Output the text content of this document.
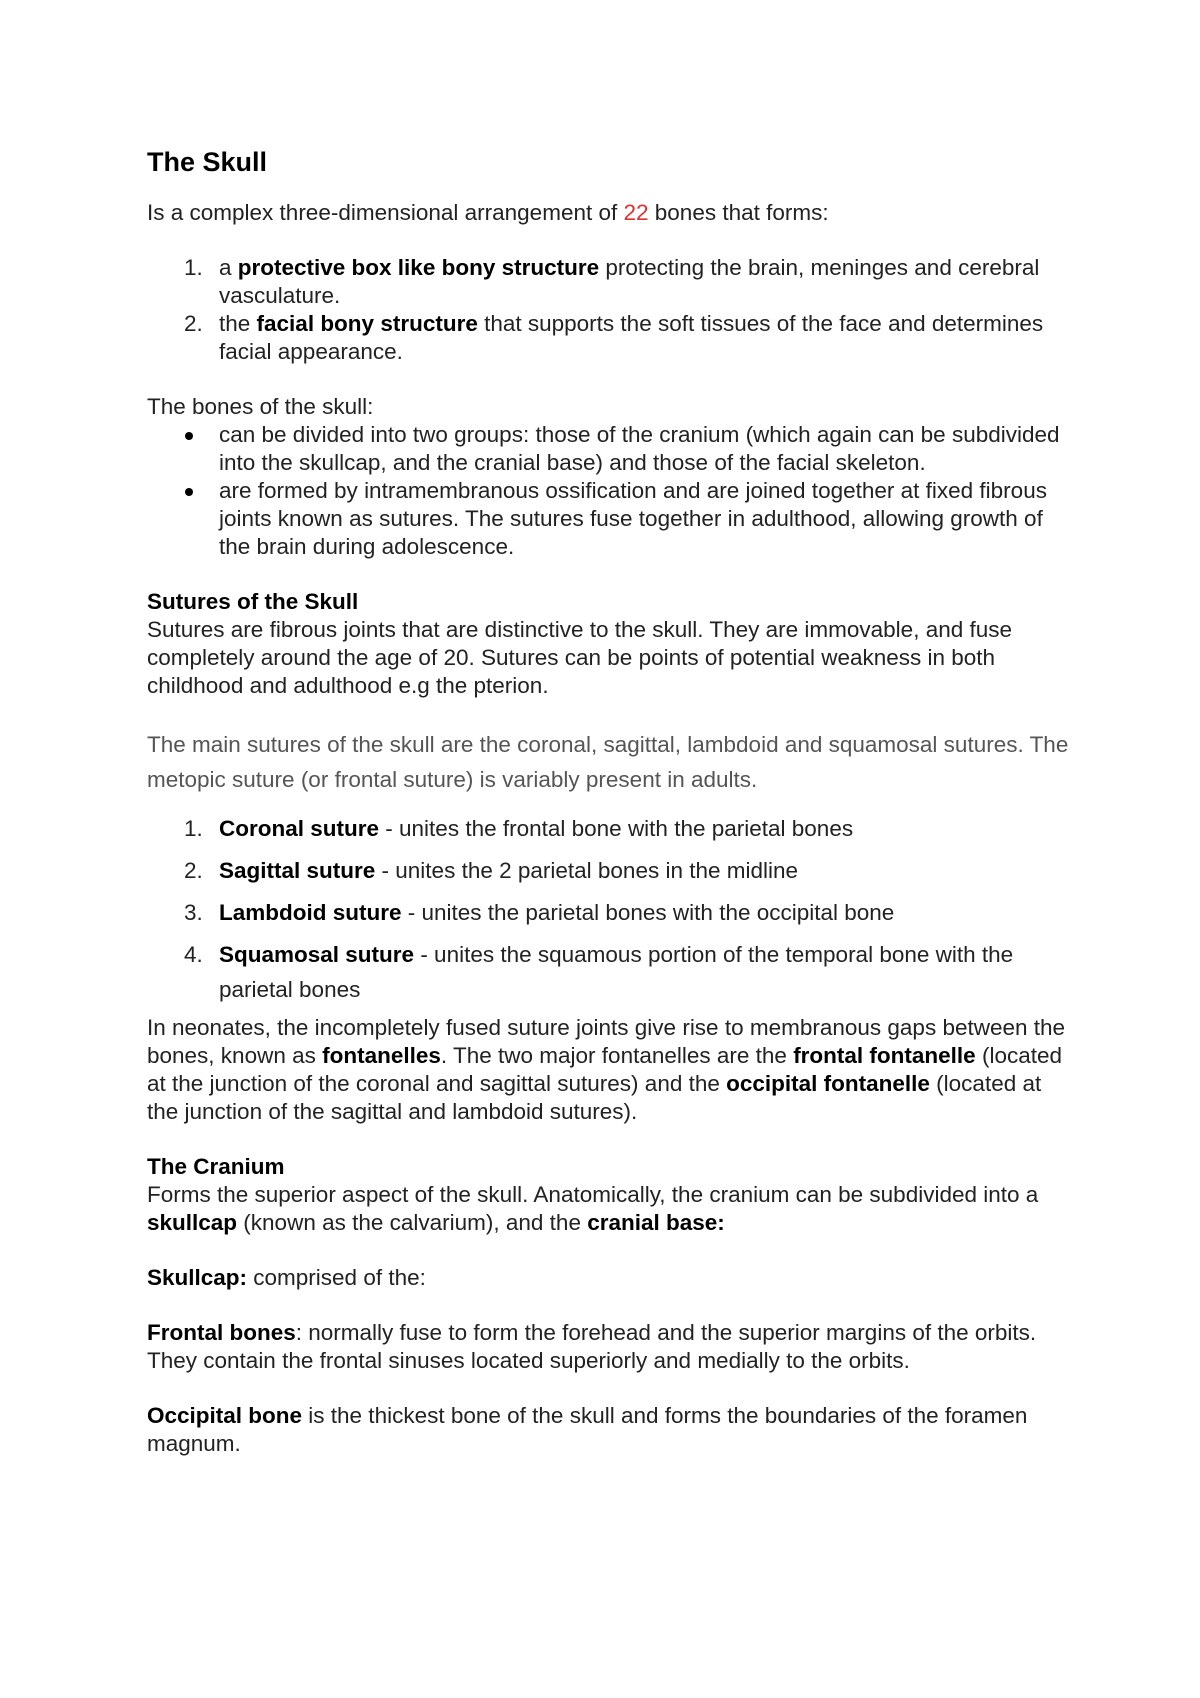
The Skull

Is a complex three-dimensional arrangement of 22 bones that forms:

1. a protective box like bony structure protecting the brain, meninges and cerebral vasculature.
2. the facial bony structure that supports the soft tissues of the face and determines facial appearance.

The bones of the skull:

can be divided into two groups: those of the cranium (which again can be subdivided into the skullcap, and the cranial base) and those of the facial skeleton.
are formed by intramembranous ossification and are joined together at fixed fibrous joints known as sutures. The sutures fuse together in adulthood, allowing growth of the brain during adolescence.

Sutures of the Skull

Sutures are fibrous joints that are distinctive to the skull. They are immovable, and fuse completely around the age of 20. Sutures can be points of potential weakness in both childhood and adulthood e.g the pterion.

The main sutures of the skull are the coronal, sagittal, lambdoid and squamosal sutures. The metopic suture (or frontal suture) is variably present in adults.

1. Coronal suture - unites the frontal bone with the parietal bones
2. Sagittal suture - unites the 2 parietal bones in the midline
3. Lambdoid suture - unites the parietal bones with the occipital bone
4. Squamosal suture - unites the squamous portion of the temporal bone with the parietal bones

In neonates, the incompletely fused suture joints give rise to membranous gaps between the bones, known as fontanelles. The two major fontanelles are the frontal fontanelle (located at the junction of the coronal and sagittal sutures) and the occipital fontanelle (located at the junction of the sagittal and lambdoid sutures).

The Cranium

Forms the superior aspect of the skull. Anatomically, the cranium can be subdivided into a skullcap (known as the calvarium), and the cranial base:

Skullcap: comprised of the:

Frontal bones: normally fuse to form the forehead and the superior margins of the orbits. They contain the frontal sinuses located superiorly and medially to the orbits.

Occipital bone is the thickest bone of the skull and forms the boundaries of the foramen magnum.
